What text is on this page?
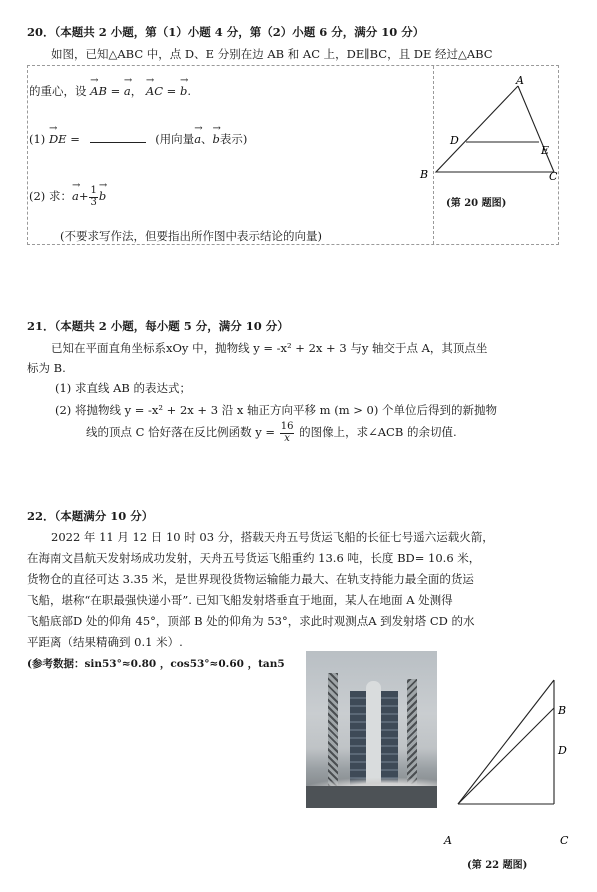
20．（本题共 2 小题，第（1）小题 4 分，第（2）小题 6 分，满分 10 分）
如图，已知△ABC 中，点 D、E 分别在边 AB 和 AC 上，DE∥BC，且 DE 经过△ABC
的重心，设 → AB = → a， → AC = → b.
(1) → DE =	(用向量→ a、→ b表示)
(2) 求：→ $a+ \frac{1}{3}$
→ b
(不要求写作法，但要指出所作图中表示结论的向量)
A
B	C
D
E
(第 20 题图)
21．（本题共 2 小题，每小题 5 分，满分 10 分）
已知在平面直角坐标系xOy 中，抛物线 y = -x² + 2x + 3 与y 轴交于点 A，其顶点坐
标为 B.
(1) 求直线 AB 的表达式；
(2) 将抛物线 y = -x² + 2x + 3 沿 x 轴正方向平移 m (m > 0) 个单位后得到的新抛物
线的顶点 C 恰好落在反比例函数 $y = \frac{16}{x}$ 的图像上，求∠ACB 的余切值.
22．（本题满分 10 分）
2022 年 11 月 12 日 10 时 03 分，搭载天舟五号货运飞船的长征七号遥六运载火箭，
在海南文昌航天发射场成功发射，天舟五号货运飞船重约 13.6 吨，长度 BD= 10.6 米，
货物仓的直径可达 3.35 米，是世界现役货物运输能力最大、在轨支持能力最全面的货运
飞船，堪称“在职最强快递小哥”. 已知飞船发射塔垂直于地面，某人在地面 A 处测得
飞船底部D 处的仰角 45°，顶部 B 处的仰角为 53°，求此时观测点A 到发射塔 CD 的水
平距离（结果精确到 0.1 米）.
(参考数据：sin53°≈0.80 ，cos53°≈0.60 ，tan5
B
D
A	C
(第 22 题图)
